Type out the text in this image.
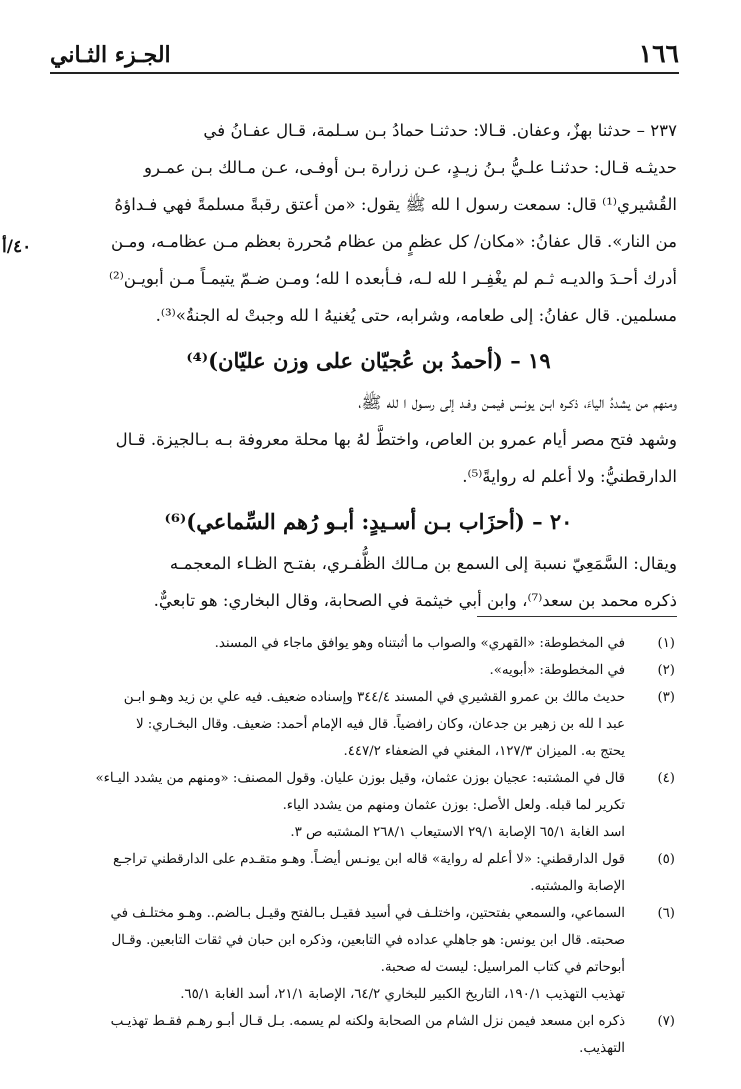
١٦٦
الجـزء الثـاني
٤٠/أ
٢٣٧ – حدثنا بهزٌ، وعفان. قـالا: حدثنـا حمادُ بـن سـلمة، قـال عفـانُ في
حديثـه قـال: حدثنـا علـيُّ بـنُ زيـدٍ، عـن زرارة بـن أوفـى، عـن مـالك بـن عمـرو
القُشيري⁽¹⁾ قال: سمعت رسول ا لله ﷺ يقول: «من أعتق رقبةً مسلمةً فهي فـداؤهُ
من النار». قال عفانُ: «مكان/ كل عظمٍ من عظام مُحررة بعظم مـن عظامـه، ومـن
أدرك أحـدَ والديـه ثـم لم يغْفِـر ا لله لـه، فـأبعده ا لله؛ ومـن ضـمّ يتيمـاً مـن أبويـن⁽²⁾
مسلمين. قال عفانُ: إلى طعامه، وشرابه، حتى يُغنيهُ ا لله وجبتْ له الجنةُ»⁽³⁾.
١٩ – (أحمدُ بن عُجيّان على وزن عليّان)⁽⁴⁾
ومنهم من يشددُ الياءَ، ذكـره ابـن يونـس فيمـن وفـد إلى رسـول ا لله ﷺ،
وشهد فتح مصر أيام عمرو بن العاص، واختطَّ لهُ بها محلة معروفة بـه بـالجيزة. قـال
الدارقطنيُّ: ولا أعلم له روايةً⁽⁵⁾.
٢٠ – (أحزَاب بـن أسـيدٍ: أبـو رُهم السِّماعي)⁽⁶⁾
ويقال: السَّمَعِيّ نسبة إلى السمع بن مـالك الظُّفـري، بفتـح الظـاء المعجمـه
ذكره محمد بن سعد⁽⁷⁾، وابن أبي خيثمة في الصحابة، وقال البخاري: هو تابعيٌّ.
(١)
في المخطوطة: «القهري» والصواب ما أثبتناه وهو يوافق ماجاء في المسند.
(٢)
في المخطوطة: «أبويه».
(٣)
حديث مالك بن عمرو القشيري في المسند ٣٤٤/٤ وإسناده ضعيف. فيه علي بن زيد وهـو ابـن
عبد ا لله بن زهير بن جدعان، وكان رافضياً. قال فيه الإمام أحمد: ضعيف. وقال البخـاري: لا
يحتج به. الميزان ١٢٧/٣، المغني في الضعفاء ٤٤٧/٢.
(٤)
قال في المشتبه: عجيان بوزن عثمان، وقيل بوزن عليان. وقول المصنف: «ومنهم من يشدد اليـاء»
تكرير لما قبله. ولعل الأصل: بوزن عثمان ومنهم من يشدد الياء.
اسد الغابة ٦٥/١ الإصابة ٢٩/١ الاستيعاب ٢٦٨/١ المشتبه ص ٣.
(٥)
قول الدارقطني: «لا أعلم له رواية» قاله ابن يونـس أيضـاً. وهـو متقـدم على الدارقطني تراجـع
الإصابة والمشتبه.
(٦)
السماعي، والسمعي بفتحتين، واختلـف في أسيد فقيـل بـالفتح وقيـل بـالضم.. وهـو مختلـف في
صحبته. قال ابن يونس: هو جاهلي عداده في التابعين، وذكره ابن حبان في ثقات التابعين. وقـال
أبوحاتم في كتاب المراسيل: ليست له صحبة.
تهذيب التهذيب ١٩٠/١، التاريخ الكبير للبخاري ٦٤/٢، الإصابة ٢١/١، أسد الغابة ٦٥/١.
(٧)
ذكره ابن مسعد فيمن نزل الشام من الصحابة ولكنه لم يسمه. بـل قـال أبـو رهـم فقـط تهذيـب
التهذيب.
